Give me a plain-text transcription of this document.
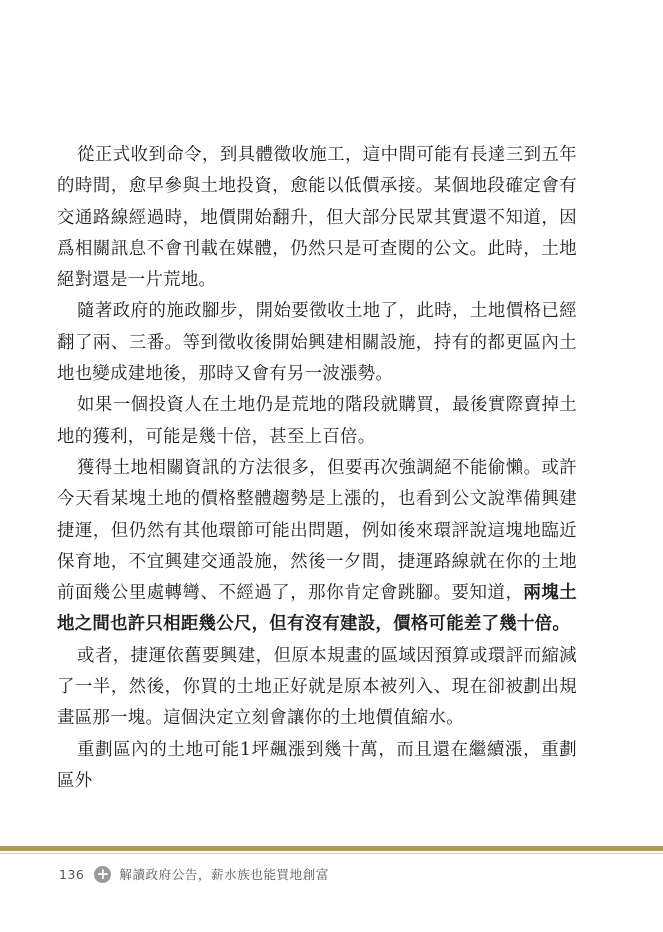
從正式收到命令，到具體徵收施工，這中間可能有長達三到五年的時間，愈早參與土地投資，愈能以低價承接。某個地段確定會有交通路線經過時，地價開始翻升，但大部分民眾其實還不知道，因爲相關訊息不會刊載在媒體，仍然只是可查閱的公文。此時，土地絕對還是一片荒地。

隨著政府的施政腳步，開始要徵收土地了，此時，土地價格已經翻了兩、三番。等到徵收後開始興建相關設施，持有的都更區內土地也變成建地後，那時又會有另一波漲勢。

如果一個投資人在土地仍是荒地的階段就購買，最後實際賣掉土地的獲利，可能是幾十倍，甚至上百倍。

獲得土地相關資訊的方法很多，但要再次強調絕不能偷懶。或許今天看某塊土地的價格整體趨勢是上漲的，也看到公文說準備興建捷運，但仍然有其他環節可能出問題，例如後來環評說這塊地臨近保育地，不宜興建交通設施，然後一夕間，捷運路線就在你的土地前面幾公里處轉彎、不經過了，那你肯定會跳腳。要知道，兩塊土地之間也許只相距幾公尺，但有沒有建設，價格可能差了幾十倍。

或者，捷運依舊要興建，但原本規畫的區域因預算或環評而縮減了一半，然後，你買的土地正好就是原本被列入、現在卻被劃出規畫區那一塊。這個決定立刻會讓你的土地價值縮水。

重劃區內的土地可能1坪飆漲到幾十萬，而且還在繼續漲，重劃區外

136 + 解讀政府公告，薪水族也能買地創富
